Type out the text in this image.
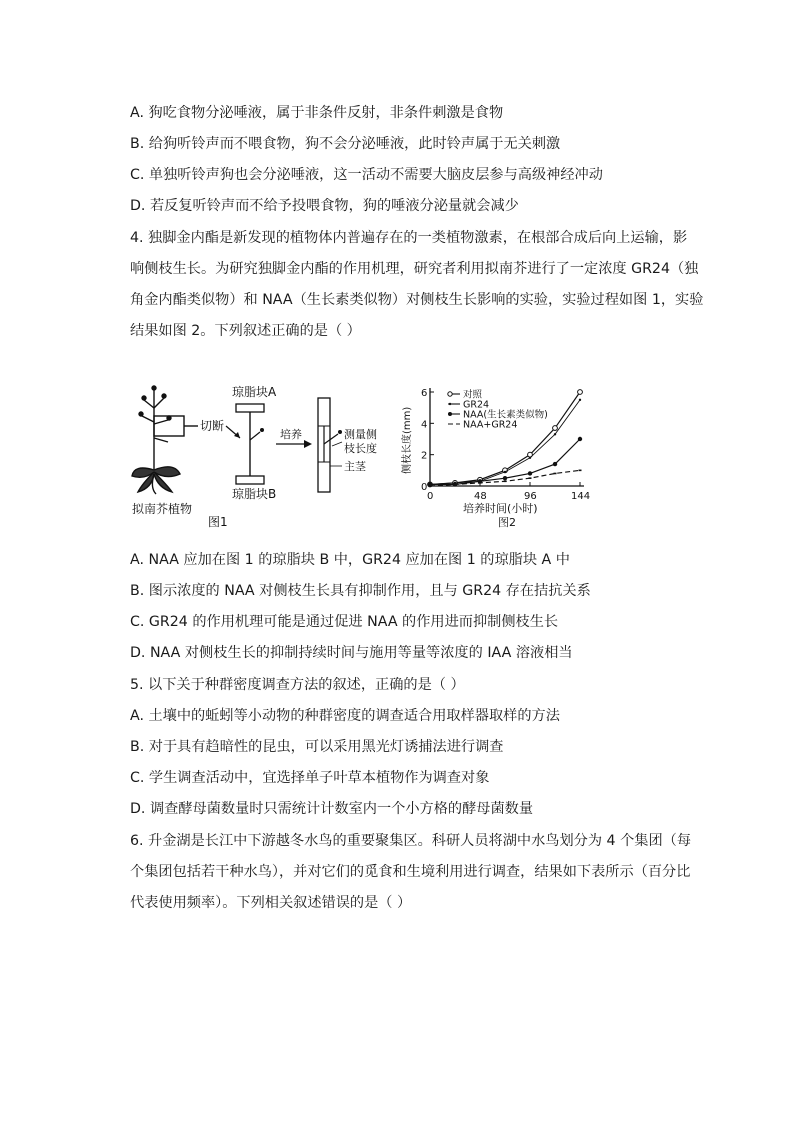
A. 狗吃食物分泌唾液，属于非条件反射，非条件刺激是食物
B. 给狗听铃声而不喂食物，狗不会分泌唾液，此时铃声属于无关刺激
C. 单独听铃声狗也会分泌唾液，这一活动不需要大脑皮层参与高级神经冲动
D. 若反复听铃声而不给予投喂食物，狗的唾液分泌量就会减少
4. 独脚金内酯是新发现的植物体内普遍存在的一类植物激素，在根部合成后向上运输，影
响侧枝生长。为研究独脚金内酯的作用机理，研究者利用拟南芥进行了一定浓度 GR24（独
角金内酯类似物）和 NAA（生长素类似物）对侧枝生长影响的实验，实验过程如图 1，实验
结果如图 2。下列叙述正确的是（ ）
切断
拟南芥植物
图1
琼脂块A
琼脂块B
培养	测量侧
枝长度
主茎
0
2
4
6
0	48	96	144
培养时间(小时)
侧枝长度(mm)
图2
对照
GR24
NAA(生长素类似物)
NAA+GR24
A. NAA 应加在图 1 的琼脂块 B 中，GR24 应加在图 1 的琼脂块 A 中
B. 图示浓度的 NAA 对侧枝生长具有抑制作用，且与 GR24 存在拮抗关系
C. GR24 的作用机理可能是通过促进 NAA 的作用进而抑制侧枝生长
D. NAA 对侧枝生长的抑制持续时间与施用等量等浓度的 IAA 溶液相当
5. 以下关于种群密度调查方法的叙述，正确的是（ ）
A. 土壤中的蚯蚓等小动物的种群密度的调查适合用取样器取样的方法
B. 对于具有趋暗性的昆虫，可以采用黑光灯诱捕法进行调查
C. 学生调查活动中，宜选择单子叶草本植物作为调查对象
D. 调查酵母菌数量时只需统计计数室内一个小方格的酵母菌数量
6. 升金湖是长江中下游越冬水鸟的重要聚集区。科研人员将湖中水鸟划分为 4 个集团（每
个集团包括若干种水鸟），并对它们的觅食和生境利用进行调查，结果如下表所示（百分比
代表使用频率）。下列相关叙述错误的是（ ）
